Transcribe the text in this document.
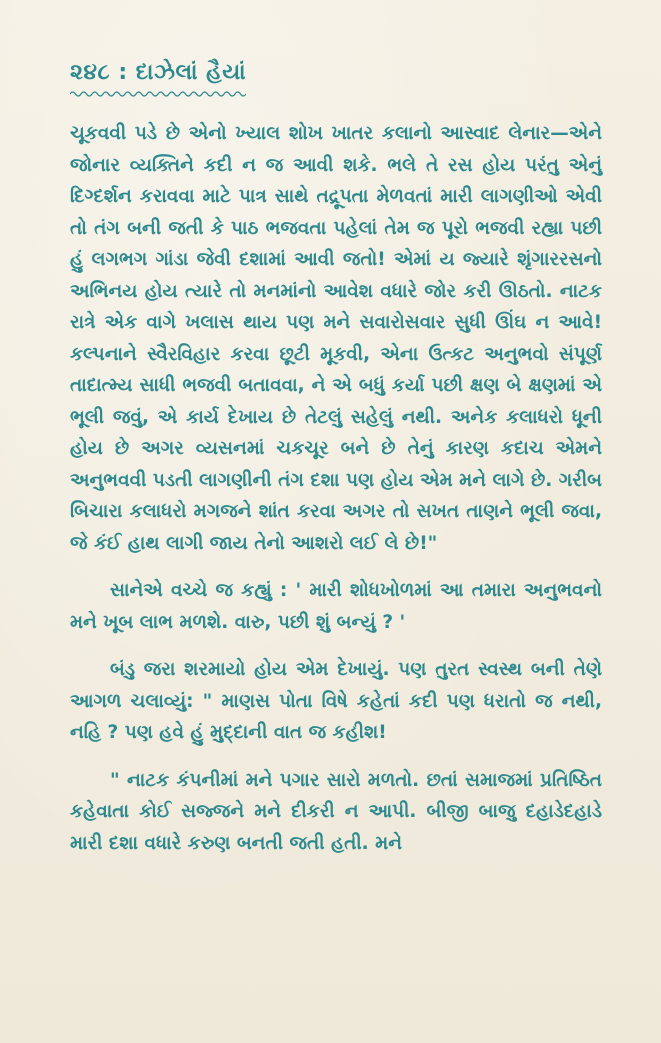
૨૪૮ : દાઝેલાં હૈયાં

ચૂકવવી પડે છે એનો ખ્યાલ શોખ ખાતર કલાનો આસ્વાદ લેનાર—એને જોનાર વ્યક્તિને કદી ન જ આવી શકે. ભલે તે રસ હોય પરંતુ એનું દિગ્દર્શન કરાવવા માટે પાત્ર સાથે તદ્રૂપતા મેળવતાં મારી લાગણીઓ એવી તો તંગ બની જતી કે પાઠ ભજવતા પહેલાં તેમ જ પૂરો ભજવી રહ્યા પછી હું લગભગ ગાંડા જેવી દશામાં આવી જતો! એમાં ય જ્યારે શૃંગારરસનો અભિનય હોય ત્યારે તો મનમાંનો આવેશ વધારે જોર કરી ઊઠતો. નાટક રાત્રે એક વાગે ખલાસ થાય પણ મને સવારોસવાર સુધી ઊંઘ ન આવે! કલ્પનાને સ્વૈરવિહાર કરવા છૂટી મૂકવી, એના ઉત્કટ અનુભવો સંપૂર્ણ તાદાત્મ્ય સાધી ભજવી બતાવવા, ને એ બધું કર્યા પછી ક્ષણ બે ક્ષણમાં એ ભૂલી જવું, એ કાર્ય દેખાય છે તેટલું સહેલું નથી. અનેક કલાધરો ધૂની હોય છે અગર વ્યસનમાં ચકચૂર બને છે તેનું કારણ કદાચ એમને અનુભવવી પડતી લાગણીની તંગ દશા પણ હોય એમ મને લાગે છે. ગરીબ બિચારા કલાધરો મગજને શાંત કરવા અગર તો સખત તાણને ભૂલી જવા, જે કંઈ હાથ લાગી જાય તેનો આશરો લઈ લે છે!"

સાનેએ વચ્ચે જ કહ્યું : ' મારી શોધખોળમાં આ તમારા અનુભવનો મને ખૂબ લાભ મળશે. વારુ, પછી શું બન્યું ? '

બંડુ જરા શરમાયો હોય એમ દેખાયું. પણ તુરત સ્વસ્થ બની તેણે આગળ ચલાવ્યું: " માણસ પોતા વિષે કહેતાં કદી પણ ધરાતો જ નથી, નહિ ? પણ હવે હું મુદ્દાની વાત જ કહીશ!

" નાટક કંપનીમાં મને પગાર સારો મળતો. છતાં સમાજમાં પ્રતિષ્ઠિત કહેવાતા કોઈ સજ્જને મને દીકરી ન આપી. બીજી બાજુ દહાડેદહાડે મારી દશા વધારે કરુણ બનતી જતી હતી. મને
